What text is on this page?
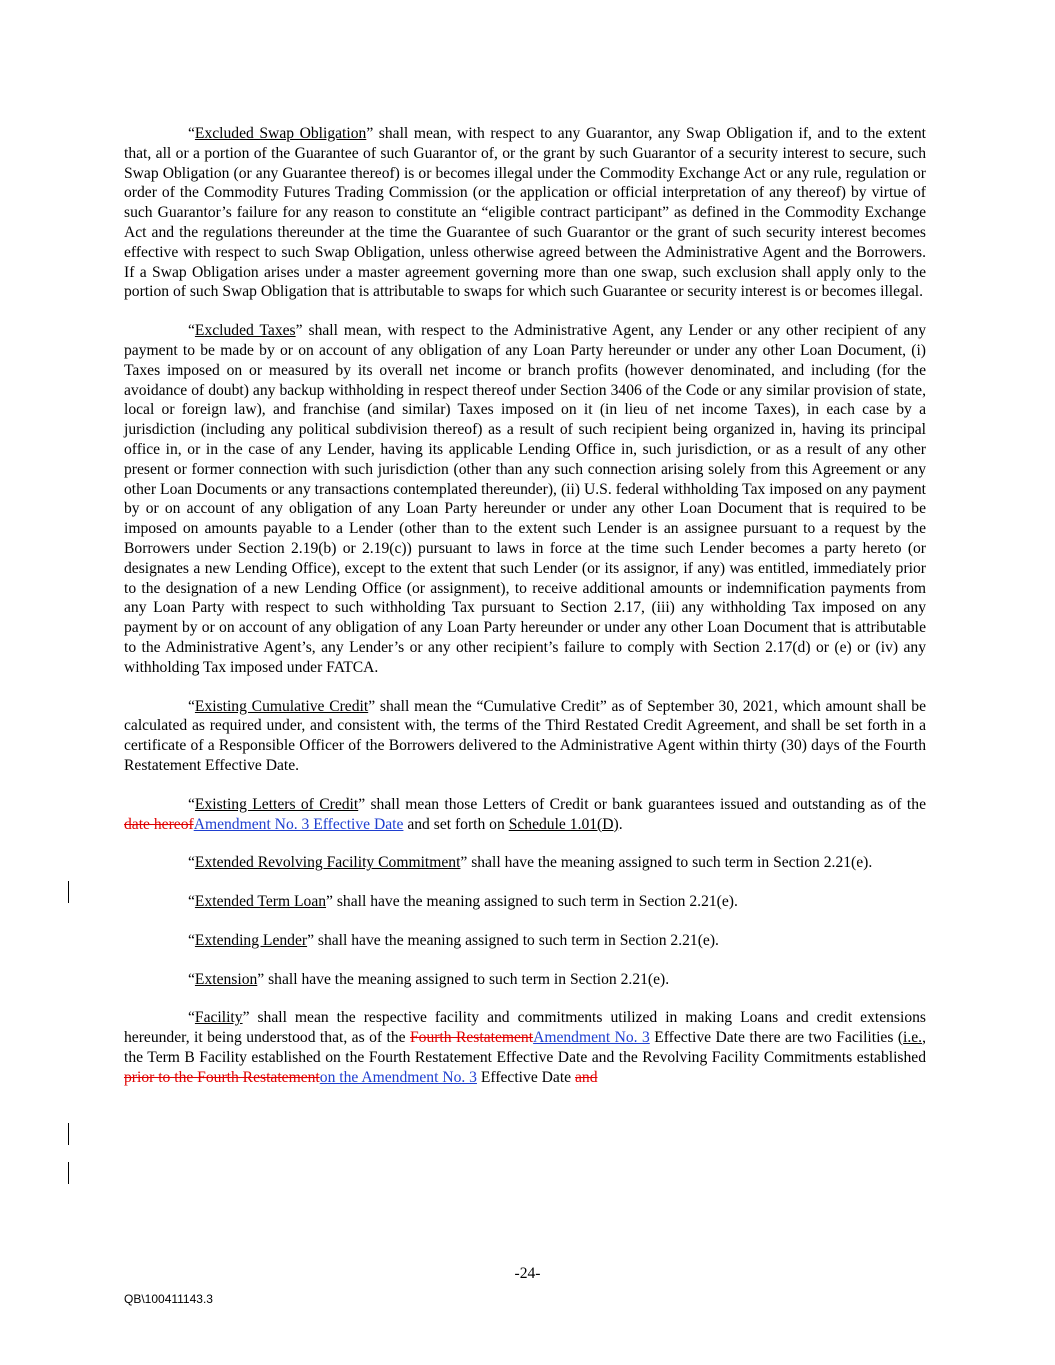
“Excluded Swap Obligation” shall mean, with respect to any Guarantor, any Swap Obligation if, and to the extent that, all or a portion of the Guarantee of such Guarantor of, or the grant by such Guarantor of a security interest to secure, such Swap Obligation (or any Guarantee thereof) is or becomes illegal under the Commodity Exchange Act or any rule, regulation or order of the Commodity Futures Trading Commission (or the application or official interpretation of any thereof) by virtue of such Guarantor’s failure for any reason to constitute an “eligible contract participant” as defined in the Commodity Exchange Act and the regulations thereunder at the time the Guarantee of such Guarantor or the grant of such security interest becomes effective with respect to such Swap Obligation, unless otherwise agreed between the Administrative Agent and the Borrowers. If a Swap Obligation arises under a master agreement governing more than one swap, such exclusion shall apply only to the portion of such Swap Obligation that is attributable to swaps for which such Guarantee or security interest is or becomes illegal.

“Excluded Taxes” shall mean, with respect to the Administrative Agent, any Lender or any other recipient of any payment to be made by or on account of any obligation of any Loan Party hereunder or under any other Loan Document, (i) Taxes imposed on or measured by its overall net income or branch profits (however denominated, and including (for the avoidance of doubt) any backup withholding in respect thereof under Section 3406 of the Code or any similar provision of state, local or foreign law), and franchise (and similar) Taxes imposed on it (in lieu of net income Taxes), in each case by a jurisdiction (including any political subdivision thereof) as a result of such recipient being organized in, having its principal office in, or in the case of any Lender, having its applicable Lending Office in, such jurisdiction, or as a result of any other present or former connection with such jurisdiction (other than any such connection arising solely from this Agreement or any other Loan Documents or any transactions contemplated thereunder), (ii) U.S. federal withholding Tax imposed on any payment by or on account of any obligation of any Loan Party hereunder or under any other Loan Document that is required to be imposed on amounts payable to a Lender (other than to the extent such Lender is an assignee pursuant to a request by the Borrowers under Section 2.19(b) or 2.19(c)) pursuant to laws in force at the time such Lender becomes a party hereto (or designates a new Lending Office), except to the extent that such Lender (or its assignor, if any) was entitled, immediately prior to the designation of a new Lending Office (or assignment), to receive additional amounts or indemnification payments from any Loan Party with respect to such withholding Tax pursuant to Section 2.17, (iii) any withholding Tax imposed on any payment by or on account of any obligation of any Loan Party hereunder or under any other Loan Document that is attributable to the Administrative Agent’s, any Lender’s or any other recipient’s failure to comply with Section 2.17(d) or (e) or (iv) any withholding Tax imposed under FATCA.

“Existing Cumulative Credit” shall mean the “Cumulative Credit” as of September 30, 2021, which amount shall be calculated as required under, and consistent with, the terms of the Third Restated Credit Agreement, and shall be set forth in a certificate of a Responsible Officer of the Borrowers delivered to the Administrative Agent within thirty (30) days of the Fourth Restatement Effective Date.

“Existing Letters of Credit” shall mean those Letters of Credit or bank guarantees issued and outstanding as of the date hereofAmendment No. 3 Effective Date and set forth on Schedule 1.01(D).

“Extended Revolving Facility Commitment” shall have the meaning assigned to such term in Section 2.21(e).

“Extended Term Loan” shall have the meaning assigned to such term in Section 2.21(e).

“Extending Lender” shall have the meaning assigned to such term in Section 2.21(e).

“Extension” shall have the meaning assigned to such term in Section 2.21(e).

“Facility” shall mean the respective facility and commitments utilized in making Loans and credit extensions hereunder, it being understood that, as of the Fourth RestatementAmendment No. 3 Effective Date there are two Facilities (i.e., the Term B Facility established on the Fourth Restatement Effective Date and the Revolving Facility Commitments established prior to the Fourth Restatementon the Amendment No. 3 Effective Date and

-24-
QB\100411143.3
